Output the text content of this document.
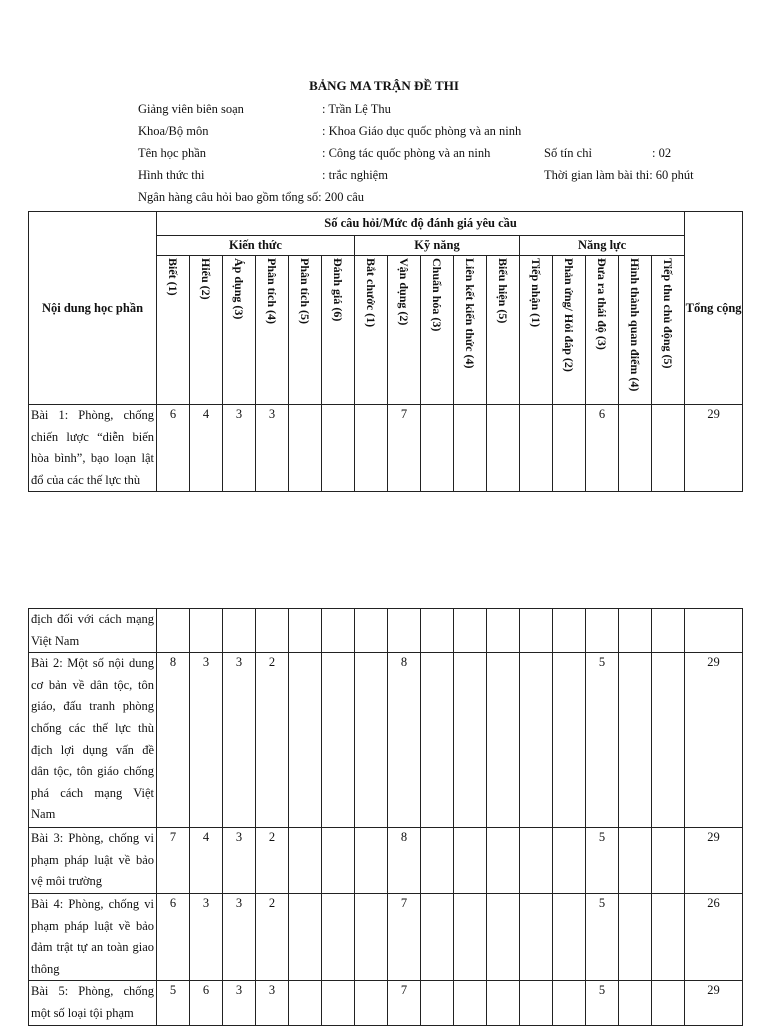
BẢNG MA TRẬN ĐỀ THI
Giảng viên biên soạn	: Trần Lệ Thu
Khoa/Bộ môn	: Khoa Giáo dục quốc phòng và an ninh
Tên học phần	: Công tác quốc phòng và an ninh	Số tín chỉ	: 02
Hình thức thi	: trắc nghiệm	Thời gian làm bài thi: 60 phút
Ngân hàng câu hỏi bao gồm tổng số: 200 câu
Nội dung học phần	Số câu hỏi/Mức độ đánh giá yêu cầu																Tổng cộng
	Kiến thức						Kỹ năng					Năng lực					

	Biết (1)	Hiểu (2)	Áp dụng (3)	Phân tích (4)	Phân tích (5)	Đánh giá (6)	Bắt chước (1)	Vận dụng (2)	Chuẩn hóa (3)	Liên kết kiến thức (4)	Biểu hiện (5)	Tiếp nhận (1)	Phản ứng/ Hỏi đáp (2)	Đưa ra thái độ (3)	Hình thành quan điểm (4)	Tiếp thu chủ động (5)	

Bài 1: Phòng, chống chiến lược “diễn biến hòa bình”, bạo loạn lật đổ của các thế lực thù	6	4	3	3				7						6			29
địch đối với cách mạng Việt Nam																	
Bài 2: Một số nội dung cơ bản về dân tộc, tôn giáo, đấu tranh phòng chống các thế lực thù địch lợi dụng vấn đề dân tộc, tôn giáo chống phá cách mạng Việt Nam	8	3	3	2				8						5			29
Bài 3: Phòng, chống vi phạm pháp luật về bảo vệ môi trường	7	4	3	2				8						5			29
Bài 4: Phòng, chống vi phạm pháp luật về bảo đảm trật tự an toàn giao thông	6	3	3	2				7						5			26
Bài 5: Phòng, chống một số loại tội phạm	5	6	3	3				7						5			29
